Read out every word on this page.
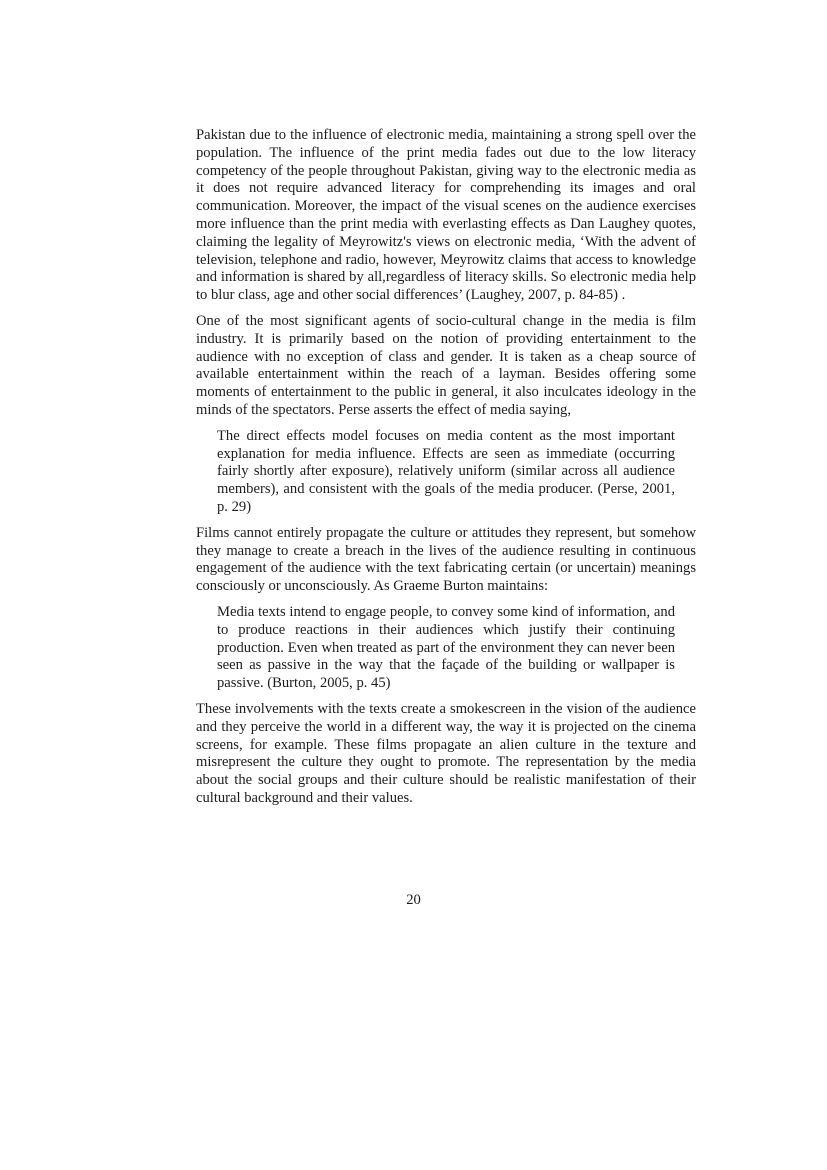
Pakistan due to the influence of electronic media, maintaining a strong spell over the population. The influence of the print media fades out due to the low literacy competency of the people throughout Pakistan, giving way to the electronic media as it does not require advanced literacy for comprehending its images and oral communication. Moreover, the impact of the visual scenes on the audience exercises more influence than the print media with everlasting effects as Dan Laughey quotes, claiming the legality of Meyrowitz's views on electronic media, ‘With the advent of television, telephone and radio, however, Meyrowitz claims that access to knowledge and information is shared by all,regardless of literacy skills. So electronic media help to blur class, age and other social differences’ (Laughey, 2007, p. 84-85) .

One of the most significant agents of socio-cultural change in the media is film industry. It is primarily based on the notion of providing entertainment to the audience with no exception of class and gender. It is taken as a cheap source of available entertainment within the reach of a layman. Besides offering some moments of entertainment to the public in general, it also inculcates ideology in the minds of the spectators. Perse asserts the effect of media saying,

The direct effects model focuses on media content as the most important explanation for media influence. Effects are seen as immediate (occurring fairly shortly after exposure), relatively uniform (similar across all audience members), and consistent with the goals of the media producer. (Perse, 2001, p. 29)

Films cannot entirely propagate the culture or attitudes they represent, but somehow they manage to create a breach in the lives of the audience resulting in continuous engagement of the audience with the text fabricating certain (or uncertain) meanings consciously or unconsciously. As Graeme Burton maintains:

Media texts intend to engage people, to convey some kind of information, and to produce reactions in their audiences which justify their continuing production. Even when treated as part of the environment they can never been seen as passive in the way that the façade of the building or wallpaper is passive. (Burton, 2005, p. 45)

These involvements with the texts create a smokescreen in the vision of the audience and they perceive the world in a different way, the way it is projected on the cinema screens, for example. These films propagate an alien culture in the texture and misrepresent the culture they ought to promote. The representation by the media about the social groups and their culture should be realistic manifestation of their cultural background and their values.

20
